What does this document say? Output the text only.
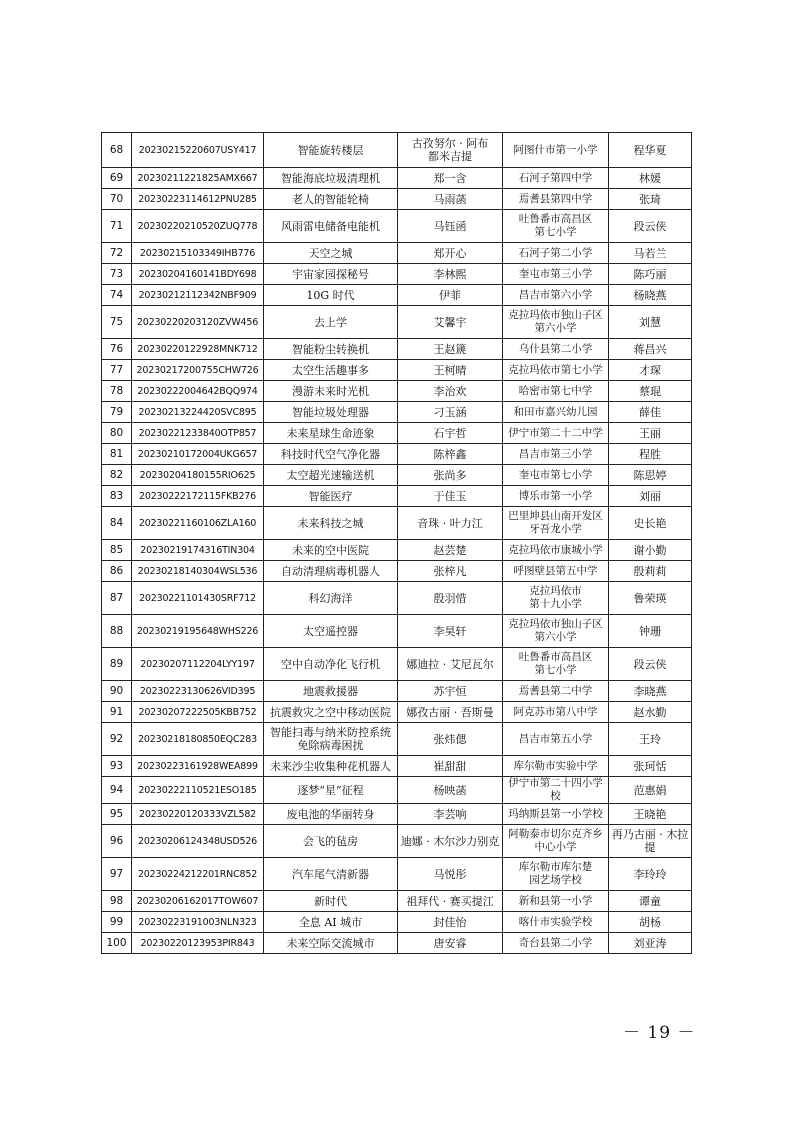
68	20230215220607USY417	智能旋转楼层	古孜努尔 · 阿布
都米吉提	阿图什市第一小学	程华夏
69	20230211221825AMX667	智能海底垃圾清理机	郑一含	石河子第四中学	林媛
70	20230223114612PNU285	老人的智能轮椅	马雨菡	焉耆县第四中学	张琦
71	20230220210520ZUQ778	风雨雷电储备电能机	马钰函	吐鲁番市高昌区
第七小学	段云侠
72	20230215103349IHB776	天空之城	郑开心	石河子第二小学	马若兰
73	20230204160141BDY698	宇宙家园探秘号	李林熙	奎屯市第三小学	陈巧丽
74	20230212112342NBF909	10G 时代	伊菲	昌吉市第六小学	杨晓燕
75	20230220203120ZVW456	去上学	艾馨宇	克拉玛依市独山子区
第六小学	刘慧
76	20230220122928MNK712	智能粉尘转换机	王赵篪	乌什县第二小学	蒋昌兴
77	20230217200755CHW726	太空生活趣事多	王柯晴	克拉玛依市第七小学	才琛
78	20230222004642BQQ974	漫游未来时光机	李治欢	哈密市第七中学	蔡琨
79	20230213224420SVC895	智能垃圾处理器	刁玉涵	和田市嘉兴幼儿园	薛佳
80	20230221233840OTP857	未来星球生命迹象	石宇哲	伊宁市第二十二中学	王丽
81	20230210172004UKG657	科技时代空气净化器	陈梓鑫	昌吉市第三小学	程胜
82	20230204180155RIO625	太空超光速输送机	张尚多	奎屯市第七小学	陈思婷
83	20230222172115FKB276	智能医疗	于佳玉	博乐市第一小学	刘丽
84	20230221160106ZLA160	未来科技之城	音珠 · 叶力江	巴里坤县山南开发区
牙吾龙小学	史长艳
85	20230219174316TIN304	未来的空中医院	赵芸楚	克拉玛依市康城小学	谢小勤
86	20230218140304WSL536	自动清理病毒机器人	张梓凡	呼图壁县第五中学	殷莉莉
87	20230221101430SRF712	科幻海洋	殷羽惜	克拉玛依市
第十九小学	鲁荣瑛
88	20230219195648WHS226	太空遥控器	李昊轩	克拉玛依市独山子区
第六小学	钟珊
89	20230207112204LYY197	空中自动净化飞行机	娜迪拉 · 艾尼瓦尔	吐鲁番市高昌区
第七小学	段云侠
90	20230223130626VID395	地震救援器	苏宇恒	焉耆县第二中学	李晓燕
91	20230207222505KBB752	抗震救灾之空中移动医院	娜孜古丽 · 吾斯曼	阿克苏市第八中学	赵水勤
92	20230218180850EQC283	智能扫毒与纳米防控系统
免除病毒困扰	张炜偲	昌吉市第五小学	王玲
93	20230223161928WEA899	未来沙尘收集种花机器人	崔甜甜	库尔勒市实验中学	张珂恬
94	20230222110521ESO185	逐梦“星”征程	杨映菡	伊宁市第二十四小学校	范惠娟
95	20230220120333VZL582	废电池的华丽转身	李芸响	玛纳斯县第一小学校	王晓艳
96	20230206124348USD526	会飞的毡房	迪娜 · 木尔沙力别克	阿勒泰市切尔克齐乡
中心小学	再乃古丽 · 木拉提
97	20230224212201RNC852	汽车尾气清新器	马悦彤	库尔勒市库尔楚
园艺场学校	李玲玲
98	20230206162017TOW607	新时代	祖拜代 · 赛买提江	新和县第一小学	谭童
99	20230223191003NLN323	全息 AI 城市	封佳怡	喀什市实验学校	胡杨
100	20230220123953PIR843	未来空际交流城市	唐安睿	奇台县第二小学	刘亚涛
－ 19 －
